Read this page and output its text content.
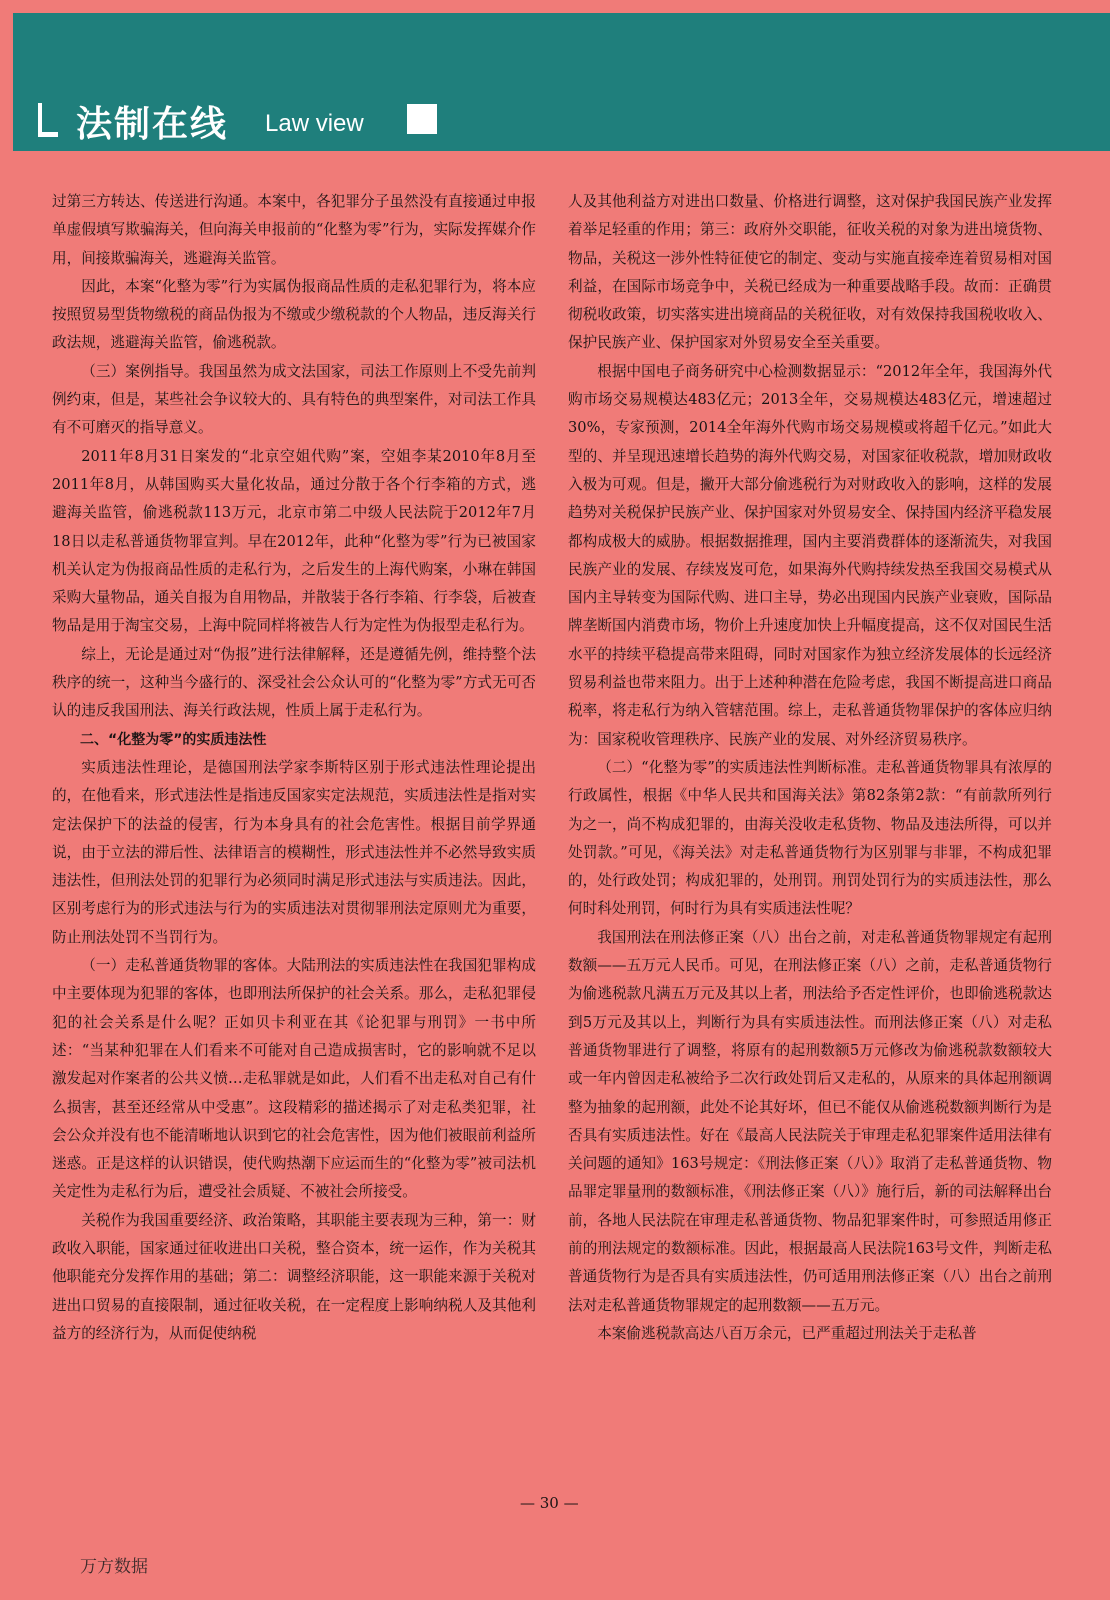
法制在线 Law view

过第三方转达、传送进行沟通。本案中，各犯罪分子虽然没有直接通过申报单虚假填写欺骗海关，但向海关申报前的“化整为零”行为，实际发挥媒介作用，间接欺骗海关，逃避海关监管。

因此，本案“化整为零”行为实属伪报商品性质的走私犯罪行为，将本应按照贸易型货物缴税的商品伪报为不缴或少缴税款的个人物品，违反海关行政法规，逃避海关监管，偷逃税款。

（三）案例指导。我国虽然为成文法国家，司法工作原则上不受先前判例约束，但是，某些社会争议较大的、具有特色的典型案件，对司法工作具有不可磨灭的指导意义。

2011年8月31日案发的“北京空姐代购”案，空姐李某2010年8月至2011年8月，从韩国购买大量化妆品，通过分散于各个行李箱的方式，逃避海关监管，偷逃税款113万元，北京市第二中级人民法院于2012年7月18日以走私普通货物罪宣判。早在2012年，此种“化整为零”行为已被国家机关认定为伪报商品性质的走私行为，之后发生的上海代购案，小琳在韩国采购大量物品，通关自报为自用物品，并散装于各行李箱、行李袋，后被查物品是用于淘宝交易，上海中院同样将被告人行为定性为伪报型走私行为。

综上，无论是通过对“伪报”进行法律解释，还是遵循先例，维持整个法秩序的统一，这种当今盛行的、深受社会公众认可的“化整为零”方式无可否认的违反我国刑法、海关行政法规，性质上属于走私行为。

二、“化整为零”的实质违法性

实质违法性理论，是德国刑法学家李斯特区别于形式违法性理论提出的，在他看来，形式违法性是指违反国家实定法规范，实质违法性是指对实定法保护下的法益的侵害，行为本身具有的社会危害性。根据目前学界通说，由于立法的滞后性、法律语言的模糊性，形式违法性并不必然导致实质违法性，但刑法处罚的犯罪行为必须同时满足形式违法与实质违法。因此，区别考虑行为的形式违法与行为的实质违法对贯彻罪刑法定原则尤为重要，防止刑法处罚不当罚行为。

（一）走私普通货物罪的客体。大陆刑法的实质违法性在我国犯罪构成中主要体现为犯罪的客体，也即刑法所保护的社会关系。那么，走私犯罪侵犯的社会关系是什么呢？正如贝卡利亚在其《论犯罪与刑罚》一书中所述：“当某种犯罪在人们看来不可能对自己造成损害时，它的影响就不足以激发起对作案者的公共义愤…走私罪就是如此，人们看不出走私对自己有什么损害，甚至还经常从中受惠”。这段精彩的描述揭示了对走私类犯罪，社会公众并没有也不能清晰地认识到它的社会危害性，因为他们被眼前利益所迷惑。正是这样的认识错误，使代购热潮下应运而生的“化整为零”被司法机关定性为走私行为后，遭受社会质疑、不被社会所接受。

关税作为我国重要经济、政治策略，其职能主要表现为三种，第一：财政收入职能，国家通过征收进出口关税，整合资本，统一运作，作为关税其他职能充分发挥作用的基础；第二：调整经济职能，这一职能来源于关税对进出口贸易的直接限制，通过征收关税，在一定程度上影响纳税人及其他利益方的经济行为，从而促使纳税

人及其他利益方对进出口数量、价格进行调整，这对保护我国民族产业发挥着举足轻重的作用；第三：政府外交职能，征收关税的对象为进出境货物、物品，关税这一涉外性特征使它的制定、变动与实施直接牵连着贸易相对国利益，在国际市场竞争中，关税已经成为一种重要战略手段。故而：正确贯彻税收政策，切实落实进出境商品的关税征收，对有效保持我国税收收入、保护民族产业、保护国家对外贸易安全至关重要。

根据中国电子商务研究中心检测数据显示：“2012年全年，我国海外代购市场交易规模达483亿元；2013全年，交易规模达483亿元，增速超过30%，专家预测，2014全年海外代购市场交易规模或将超千亿元。”如此大型的、并呈现迅速增长趋势的海外代购交易，对国家征收税款，增加财政收入极为可观。但是，撇开大部分偷逃税行为对财政收入的影响，这样的发展趋势对关税保护民族产业、保护国家对外贸易安全、保持国内经济平稳发展都构成极大的威胁。根据数据推理，国内主要消费群体的逐渐流失，对我国民族产业的发展、存续岌岌可危，如果海外代购持续发热至我国交易模式从国内主导转变为国际代购、进口主导，势必出现国内民族产业衰败，国际品牌垄断国内消费市场，物价上升速度加快上升幅度提高，这不仅对国民生活水平的持续平稳提高带来阻碍，同时对国家作为独立经济发展体的长远经济贸易利益也带来阻力。出于上述种种潜在危险考虑，我国不断提高进口商品税率，将走私行为纳入管辖范围。综上，走私普通货物罪保护的客体应归纳为：国家税收管理秩序、民族产业的发展、对外经济贸易秩序。

（二）“化整为零”的实质违法性判断标准。走私普通货物罪具有浓厚的行政属性，根据《中华人民共和国海关法》第82条第2款：“有前款所列行为之一，尚不构成犯罪的，由海关没收走私货物、物品及违法所得，可以并处罚款。”可见，《海关法》对走私普通货物行为区别罪与非罪，不构成犯罪的，处行政处罚；构成犯罪的，处刑罚。刑罚处罚行为的实质违法性，那么何时科处刑罚，何时行为具有实质违法性呢？

我国刑法在刑法修正案（八）出台之前，对走私普通货物罪规定有起刑数额——五万元人民币。可见，在刑法修正案（八）之前，走私普通货物行为偷逃税款凡满五万元及其以上者，刑法给予否定性评价，也即偷逃税款达到5万元及其以上，判断行为具有实质违法性。而刑法修正案（八）对走私普通货物罪进行了调整，将原有的起刑数额5万元修改为偷逃税款数额较大或一年内曾因走私被给予二次行政处罚后又走私的，从原来的具体起刑额调整为抽象的起刑额，此处不论其好坏，但已不能仅从偷逃税数额判断行为是否具有实质违法性。好在《最高人民法院关于审理走私犯罪案件适用法律有关问题的通知》163号规定：《刑法修正案（八）》取消了走私普通货物、物品罪定罪量刑的数额标准，《刑法修正案（八）》施行后，新的司法解释出台前，各地人民法院在审理走私普通货物、物品犯罪案件时，可参照适用修正前的刑法规定的数额标准。因此，根据最高人民法院163号文件，判断走私普通货物行为是否具有实质违法性，仍可适用刑法修正案（八）出台之前刑法对走私普通货物罪规定的起刑数额——五万元。

本案偷逃税款高达八百万余元，已严重超过刑法关于走私普

— 30 —
万方数据
